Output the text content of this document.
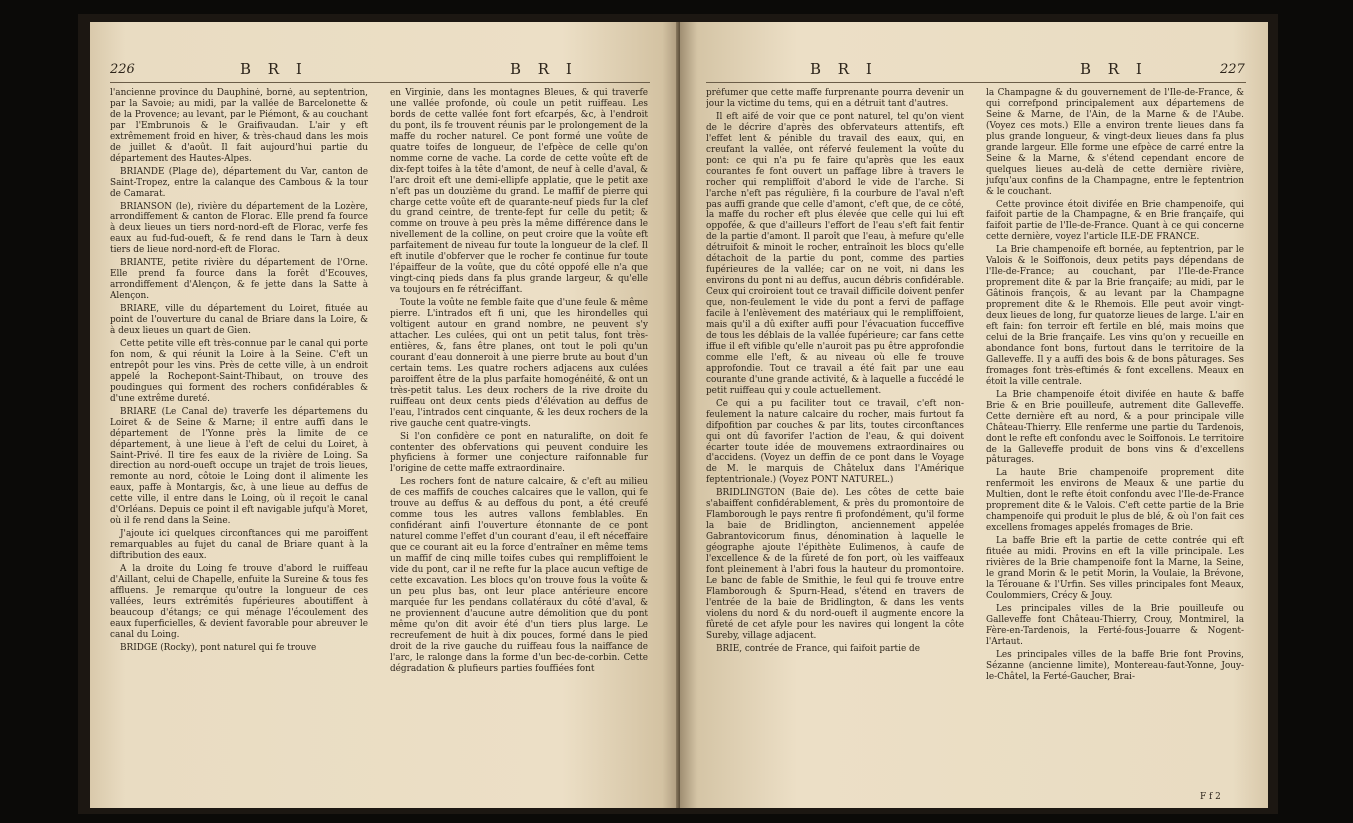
226	B R I	B R I

l'ancienne province du Dauphiné, borné, au septentrion, par la Savoie; au midi, par la vallée de Barcelonette & de la Provence; au levant, par le Piémont, & au couchant par l'Embrunois & le Graifivaudan. L'air y eft extrêmement froid en hiver, & très-chaud dans les mois de juillet & d'août. Il fait aujourd'hui partie du département des Hautes-Alpes.

BRIANDE (Plage de), département du Var, canton de Saint-Tropez, entre la calanque des Cambous & la tour de Camarat.

BRIANSON (le), rivière du département de la Lozère, arrondiffement & canton de Florac. Elle prend fa fource à deux lieues un tiers nord-nord-eft de Florac, verfe fes eaux au fud-fud-oueft, & fe rend dans le Tarn à deux tiers de lieue nord-nord-eft de Florac.

BRIANTE, petite rivière du département de l'Orne. Elle prend fa fource dans la forêt d'Ecouves, arrondiffement d'Alençon, & fe jette dans la Satte à Alençon.

BRIARE, ville du département du Loiret, fituée au point de l'ouverture du canal de Briare dans la Loire, & à deux lieues un quart de Gien.

Cette petite ville eft très-connue par le canal qui porte fon nom, & qui réunit la Loire à la Seine. C'eft un entrepôt pour les vins. Près de cette ville, à un endroit appelé la Rochepont-Saint-Thibaut, on trouve des poudingues qui forment des rochers confidérables & d'une extrême dureté.

BRIARE (Le Canal de) traverfe les départemens du Loiret & de Seine & Marne; il entre auffi dans le département de l'Yonne près la limite de ce département, à une lieue à l'eft de celui du Loiret, à Saint-Privé. Il tire fes eaux de la rivière de Loing. Sa direction au nord-oueft occupe un trajet de trois lieues, remonte au nord, côtoie le Loing dont il alimente les eaux, paffe à Montargis, &c, à une lieue au deffus de cette ville, il entre dans le Loing, où il reçoit le canal d'Orléans. Depuis ce point il eft navigable jufqu'à Moret, où il fe rend dans la Seine.

J'ajoute ici quelques circonftances qui me paroiffent remarquables au fujet du canal de Briare quant à la diftribution des eaux.

A la droite du Loing fe trouve d'abord le ruiffeau d'Aillant, celui de Chapelle, enfuite la Sureine & tous fes affluens. Je remarque qu'outre la longueur de ces vallées, leurs extrémités fupérieures aboutiffent à beaucoup d'étangs; ce qui ménage l'écoulement des eaux fuperficielles, & devient favorable pour abreuver le canal du Loing.

BRIDGE (Rocky), pont naturel qui fe trouve

en Virginie, dans les montagnes Bleues, & qui traverfe une vallée profonde, où coule un petit ruiffeau. Les bords de cette vallée font fort efcarpés, &c, à l'endroit du pont, ils fe trouvent réunis par le prolongement de la maffe du rocher naturel. Ce pont formé une voûte de quatre toifes de longueur, de l'efpèce de celle qu'on nomme corne de vache. La corde de cette voûte eft de dix-fept toifes à la tête d'amont, de neuf à celle d'aval, & l'arc droit eft une demi-ellipfe applatie, que le petit axe n'eft pas un douzième du grand. Le maffif de pierre qui charge cette voûte eft de quarante-neuf pieds fur la clef du grand ceintre, de trente-fept fur celle du petit; & comme on trouve à peu près la même différence dans le nivellement de la colline, on peut croire que la voûte eft parfaitement de niveau fur toute la longueur de la clef. Il eft inutile d'obferver que le rocher fe continue fur toute l'épaiffeur de la voûte, que du côté oppofé elle n'a que vingt-cinq pieds dans fa plus grande largeur, & qu'elle va toujours en fe rétréciffant.

Toute la voûte ne femble faite que d'une feule & même pierre. L'intrados eft fi uni, que les hirondelles qui voltigent autour en grand nombre, ne peuvent s'y attacher. Les culées, qui ont un petit talus, font très-entières, &, fans être planes, ont tout le poli qu'un courant d'eau donneroit à une pierre brute au bout d'un certain tems. Les quatre rochers adjacens aux culées paroiffent être de la plus parfaite homogénéité, & ont un très-petit talus. Les deux rochers de la rive droite du ruiffeau ont deux cents pieds d'élévation au deffus de l'eau, l'intrados cent cinquante, & les deux rochers de la rive gauche cent quatre-vingts.

Si l'on confidère ce pont en naturalifte, on doit fe contenter des obfervations qui peuvent conduire les phyficiens à former une conjecture raifonnable fur l'origine de cette maffe extraordinaire.

Les rochers font de nature calcaire, & c'eft au milieu de ces maffifs de couches calcaires que le vallon, qui fe trouve au deffus & au deffous du pont, a été creufé comme tous les autres vallons femblables. En confidérant ainfi l'ouverture étonnante de ce pont naturel comme l'effet d'un courant d'eau, il eft néceffaire que ce courant ait eu la force d'entraîner en même tems un maffif de cinq mille toifes cubes qui rempliffoient le vide du pont, car il ne refte fur la place aucun veftige de cette excavation. Les blocs qu'on trouve fous la voûte & un peu plus bas, ont leur place antérieure encore marquée fur les pendans collatéraux du côté d'aval, & ne proviennent d'aucune autre démolition que du pont même qu'on dit avoir été d'un tiers plus large. Le recreufement de huit à dix pouces, formé dans le pied droit de la rive gauche du ruiffeau fous la naiffance de l'arc, le ralonge dans la forme d'un bec-de-corbin. Cette dégradation & plufieurs parties fouffiées font

B R I	B R I	227

préfumer que cette maffe furprenante pourra devenir un jour la victime du tems, qui en a détruit tant d'autres.

Il eft aifé de voir que ce pont naturel, tel qu'on vient de le décrire d'après des obfervateurs attentifs, eft l'effet lent & pénible du travail des eaux, qui, en creufant la vallée, ont réfervé feulement la voûte du pont: ce qui n'a pu fe faire qu'après que les eaux courantes fe font ouvert un paffage libre à travers le rocher qui rempliffoit d'abord le vide de l'arche. Si l'arche n'eft pas régulière, fi la courbure de l'aval n'eft pas auffi grande que celle d'amont, c'eft que, de ce côté, la maffe du rocher eft plus élevée que celle qui lui eft oppofée, & que d'ailleurs l'effort de l'eau s'eft fait fentir de la partie d'amont. Il paroît que l'eau, à mefure qu'elle détruifoit & minoit le rocher, entraînoit les blocs qu'elle détachoit de la partie du pont, comme des parties fupérieures de la vallée; car on ne voit, ni dans les environs du pont ni au deffus, aucun débris confidérable. Ceux qui croiroient tout ce travail difficile doivent penfer que, non-feulement le vide du pont a fervi de paffage facile à l'enlèvement des matériaux qui le rempliffoient, mais qu'il a dû exifter auffi pour l'évacuation fucceffive de tous les déblais de la vallée fupérieure; car fans cette iffue il eft vifible qu'elle n'auroit pas pu être approfondie comme elle l'eft, & au niveau où elle fe trouve approfondie. Tout ce travail a été fait par une eau courante d'une grande activité, & à laquelle a fuccédé le petit ruiffeau qui y coule actuellement.

Ce qui a pu faciliter tout ce travail, c'eft non-feulement la nature calcaire du rocher, mais furtout fa difpofition par couches & par lits, toutes circonftances qui ont dû favorifer l'action de l'eau, & qui doivent écarter toute idée de mouvemens extraordinaires ou d'accidens. (Voyez un deffin de ce pont dans le Voyage de M. le marquis de Châtelux dans l'Amérique feptentrionale.) (Voyez PONT NATUREL.)

BRIDLINGTON (Baie de). Les côtes de cette baie s'abaiffent confidérablement, & près du promontoire de Flamborough le pays rentre fi profondément, qu'il forme la baie de Bridlington, anciennement appelée Gabrantovicorum finus, dénomination à laquelle le géographe ajoute l'épithète Eulimenos, à caufe de l'excellence & de la fûreté de fon port, où les vaiffeaux font pleinement à l'abri fous la hauteur du promontoire. Le banc de fable de Smithie, le feul qui fe trouve entre Flamborough & Spurn-Head, s'étend en travers de l'entrée de la baie de Bridlington, & dans les vents violens du nord & du nord-oueft il augmente encore la fûreté de cet afyle pour les navires qui longent la côte Sureby, village adjacent.

BRIE, contrée de France, qui faifoit partie de

la Champagne & du gouvernement de l'Ile-de-France, & qui correfpond principalement aux départemens de Seine & Marne, de l'Ain, de la Marne & de l'Aube. (Voyez ces mots.) Elle a environ trente lieues dans fa plus grande longueur, & vingt-deux lieues dans fa plus grande largeur. Elle forme une efpèce de carré entre la Seine & la Marne, & s'étend cependant encore de quelques lieues au-delà de cette dernière rivière, jufqu'aux confins de la Champagne, entre le feptentrion & le couchant.

Cette province étoit divifée en Brie champenoife, qui faifoit partie de la Champagne, & en Brie françaife, qui faifoit partie de l'Ile-de-France. Quant à ce qui concerne cette dernière, voyez l'article ILE-DE FRANCE.

La Brie champenoife eft bornée, au feptentrion, par le Valois & le Soiffonois, deux petits pays dépendans de l'Ile-de-France; au couchant, par l'Ile-de-France proprement dite & par la Brie françaife; au midi, par le Gâtinois françois, & au levant par la Champagne proprement dite & le Rhemois. Elle peut avoir vingt-deux lieues de long, fur quatorze lieues de large. L'air en eft fain: fon terroir eft fertile en blé, mais moins que celui de la Brie françaife. Les vins qu'on y recueille en abondance font bons, furtout dans le territoire de la Galleveffe. Il y a auffi des bois & de bons pâturages. Ses fromages font très-eftimés & font excellens. Meaux en étoit la ville centrale.

La Brie champenoife étoit divifée en haute & baffe Brie & en Brie pouilleufe, autrement dite Galleveffe. Cette dernière eft au nord, & a pour principale ville Château-Thierry. Elle renferme une partie du Tardenois, dont le refte eft confondu avec le Soiffonois. Le territoire de la Galleveffe produit de bons vins & d'excellens pâturages.

La haute Brie champenoife proprement dite renfermoit les environs de Meaux & une partie du Multien, dont le refte étoit confondu avec l'Ile-de-France proprement dite & le Valois. C'eft cette partie de la Brie champenoife qui produit le plus de blé, & où l'on fait ces excellens fromages appelés fromages de Brie.

La baffe Brie eft la partie de cette contrée qui eft fituée au midi. Provins en eft la ville principale. Les rivières de la Brie champenoife font la Marne, la Seine, le grand Morin & le petit Morin, la Voulaie, la Brévone, la Térouane & l'Urfin. Ses villes principales font Meaux, Coulommiers, Crécy & Jouy.

Les principales villes de la Brie pouilleufe ou Galleveffe font Château-Thierry, Crouy, Montmirel, la Fère-en-Tardenois, la Ferté-fous-Jouarre & Nogent-l'Artaut.

Les principales villes de la baffe Brie font Provins, Sézanne (ancienne limite), Montereau-faut-Yonne, Jouy-le-Châtel, la Ferté-Gaucher, Brai-

F f 2
